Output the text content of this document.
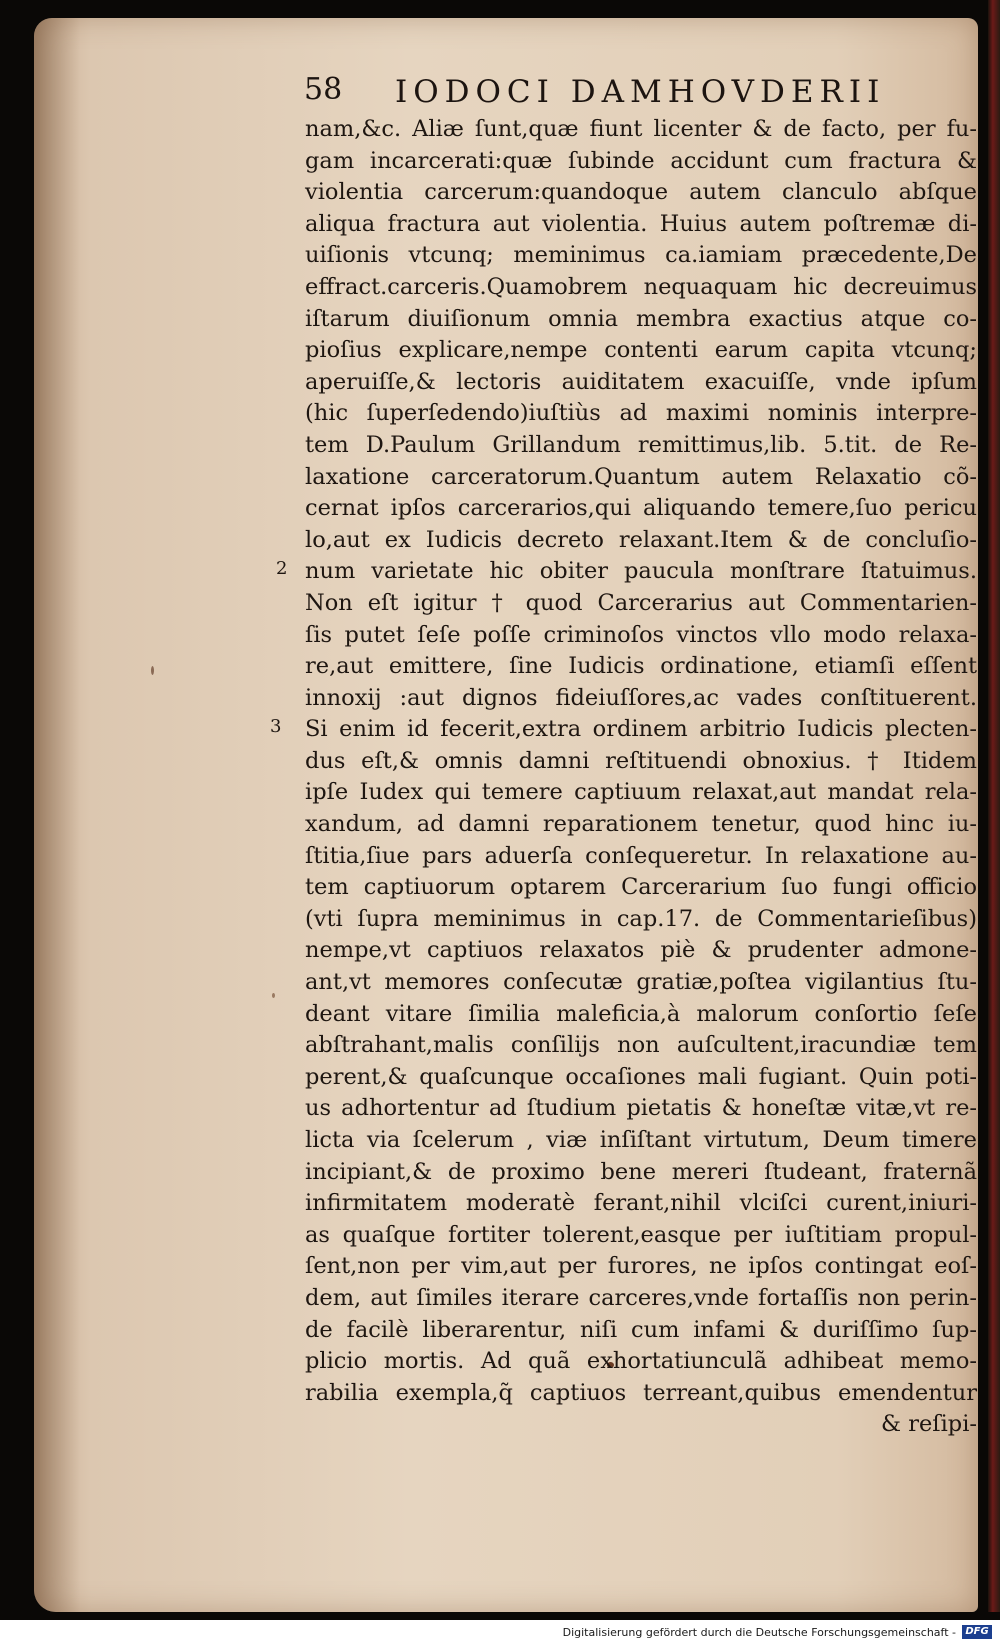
58 IODOCI DAMHOVDERII
2
3
nam,&c. Aliæ ſunt,quæ fiunt licenter & de facto, per fu-
gam incarcerati:quæ ſubinde accidunt cum fractura &
violentia carcerum:quandoque autem clanculo abſque
aliqua fractura aut violentia. Huius autem poſtremæ di-
uiſionis vtcunq; meminimus ca.iamiam præcedente,De
effract.carceris.Quamobrem nequaquam hic decreuimus
iſtarum diuiſionum omnia membra exactius atque co-
pioſius explicare,nempe contenti earum capita vtcunq;
aperuiſſe,& lectoris auiditatem exacuiſſe, vnde ipſum
(hic ſuperſedendo)iuſtiùs ad maximi nominis interpre-
tem D.Paulum Grillandum remittimus,lib. 5.tit. de Re-
laxatione carceratorum.Quantum autem Relaxatio cõ-
cernat ipſos carcerarios,qui aliquando temere,ſuo pericu
lo,aut ex Iudicis decreto relaxant.Item & de concluſio-
num varietate hic obiter paucula monſtrare ſtatuimus.
Non eſt igitur † quod Carcerarius aut Commentarien-
ſis putet ſeſe poſſe criminoſos vinctos vllo modo relaxa-
re,aut emittere, ſine Iudicis ordinatione, etiamſi eſſent
innoxij :aut dignos fideiuſſores,ac vades conſtituerent.
Si enim id fecerit,extra ordinem arbitrio Iudicis plecten-
dus eſt,& omnis damni reſtituendi obnoxius. † Itidem
ipſe Iudex qui temere captiuum relaxat,aut mandat rela-
xandum, ad damni reparationem tenetur, quod hinc iu-
ſtitia,ſiue pars aduerſa conſequeretur. In relaxatione au-
tem captiuorum optarem Carcerarium ſuo fungi officio
(vti ſupra meminimus in cap.17. de Commentarieſibus)
nempe,vt captiuos relaxatos piè & prudenter admone-
ant,vt memores conſecutæ gratiæ,poſtea vigilantius ſtu-
deant vitare ſimilia maleficia,à malorum conſortio ſeſe
abſtrahant,malis conſilijs non auſcultent,iracundiæ tem
perent,& quaſcunque occaſiones mali fugiant. Quin poti-
us adhortentur ad ſtudium pietatis & honeſtæ vitæ,vt re-
licta via ſcelerum , viæ inſiſtant virtutum, Deum timere
incipiant,& de proximo bene mereri ſtudeant, fraternã
infirmitatem moderatè ferant,nihil vlciſci curent,iniuri-
as quaſque fortiter tolerent,easque per iuſtitiam propul-
ſent,non per vim,aut per furores, ne ipſos contingat eoſ-
dem, aut ſimiles iterare carceres,vnde fortaſſis non perin-
de facilè liberarentur, niſi cum infami & duriſſimo ſup-
plicio mortis. Ad quã exhortatiunculã adhibeat memo-
rabilia exempla,q̃ captiuos terreant,quibus emendentur
& reſipi-
Digitalisierung gefördert durch die Deutsche Forschungsgemeinschaft - DFG
